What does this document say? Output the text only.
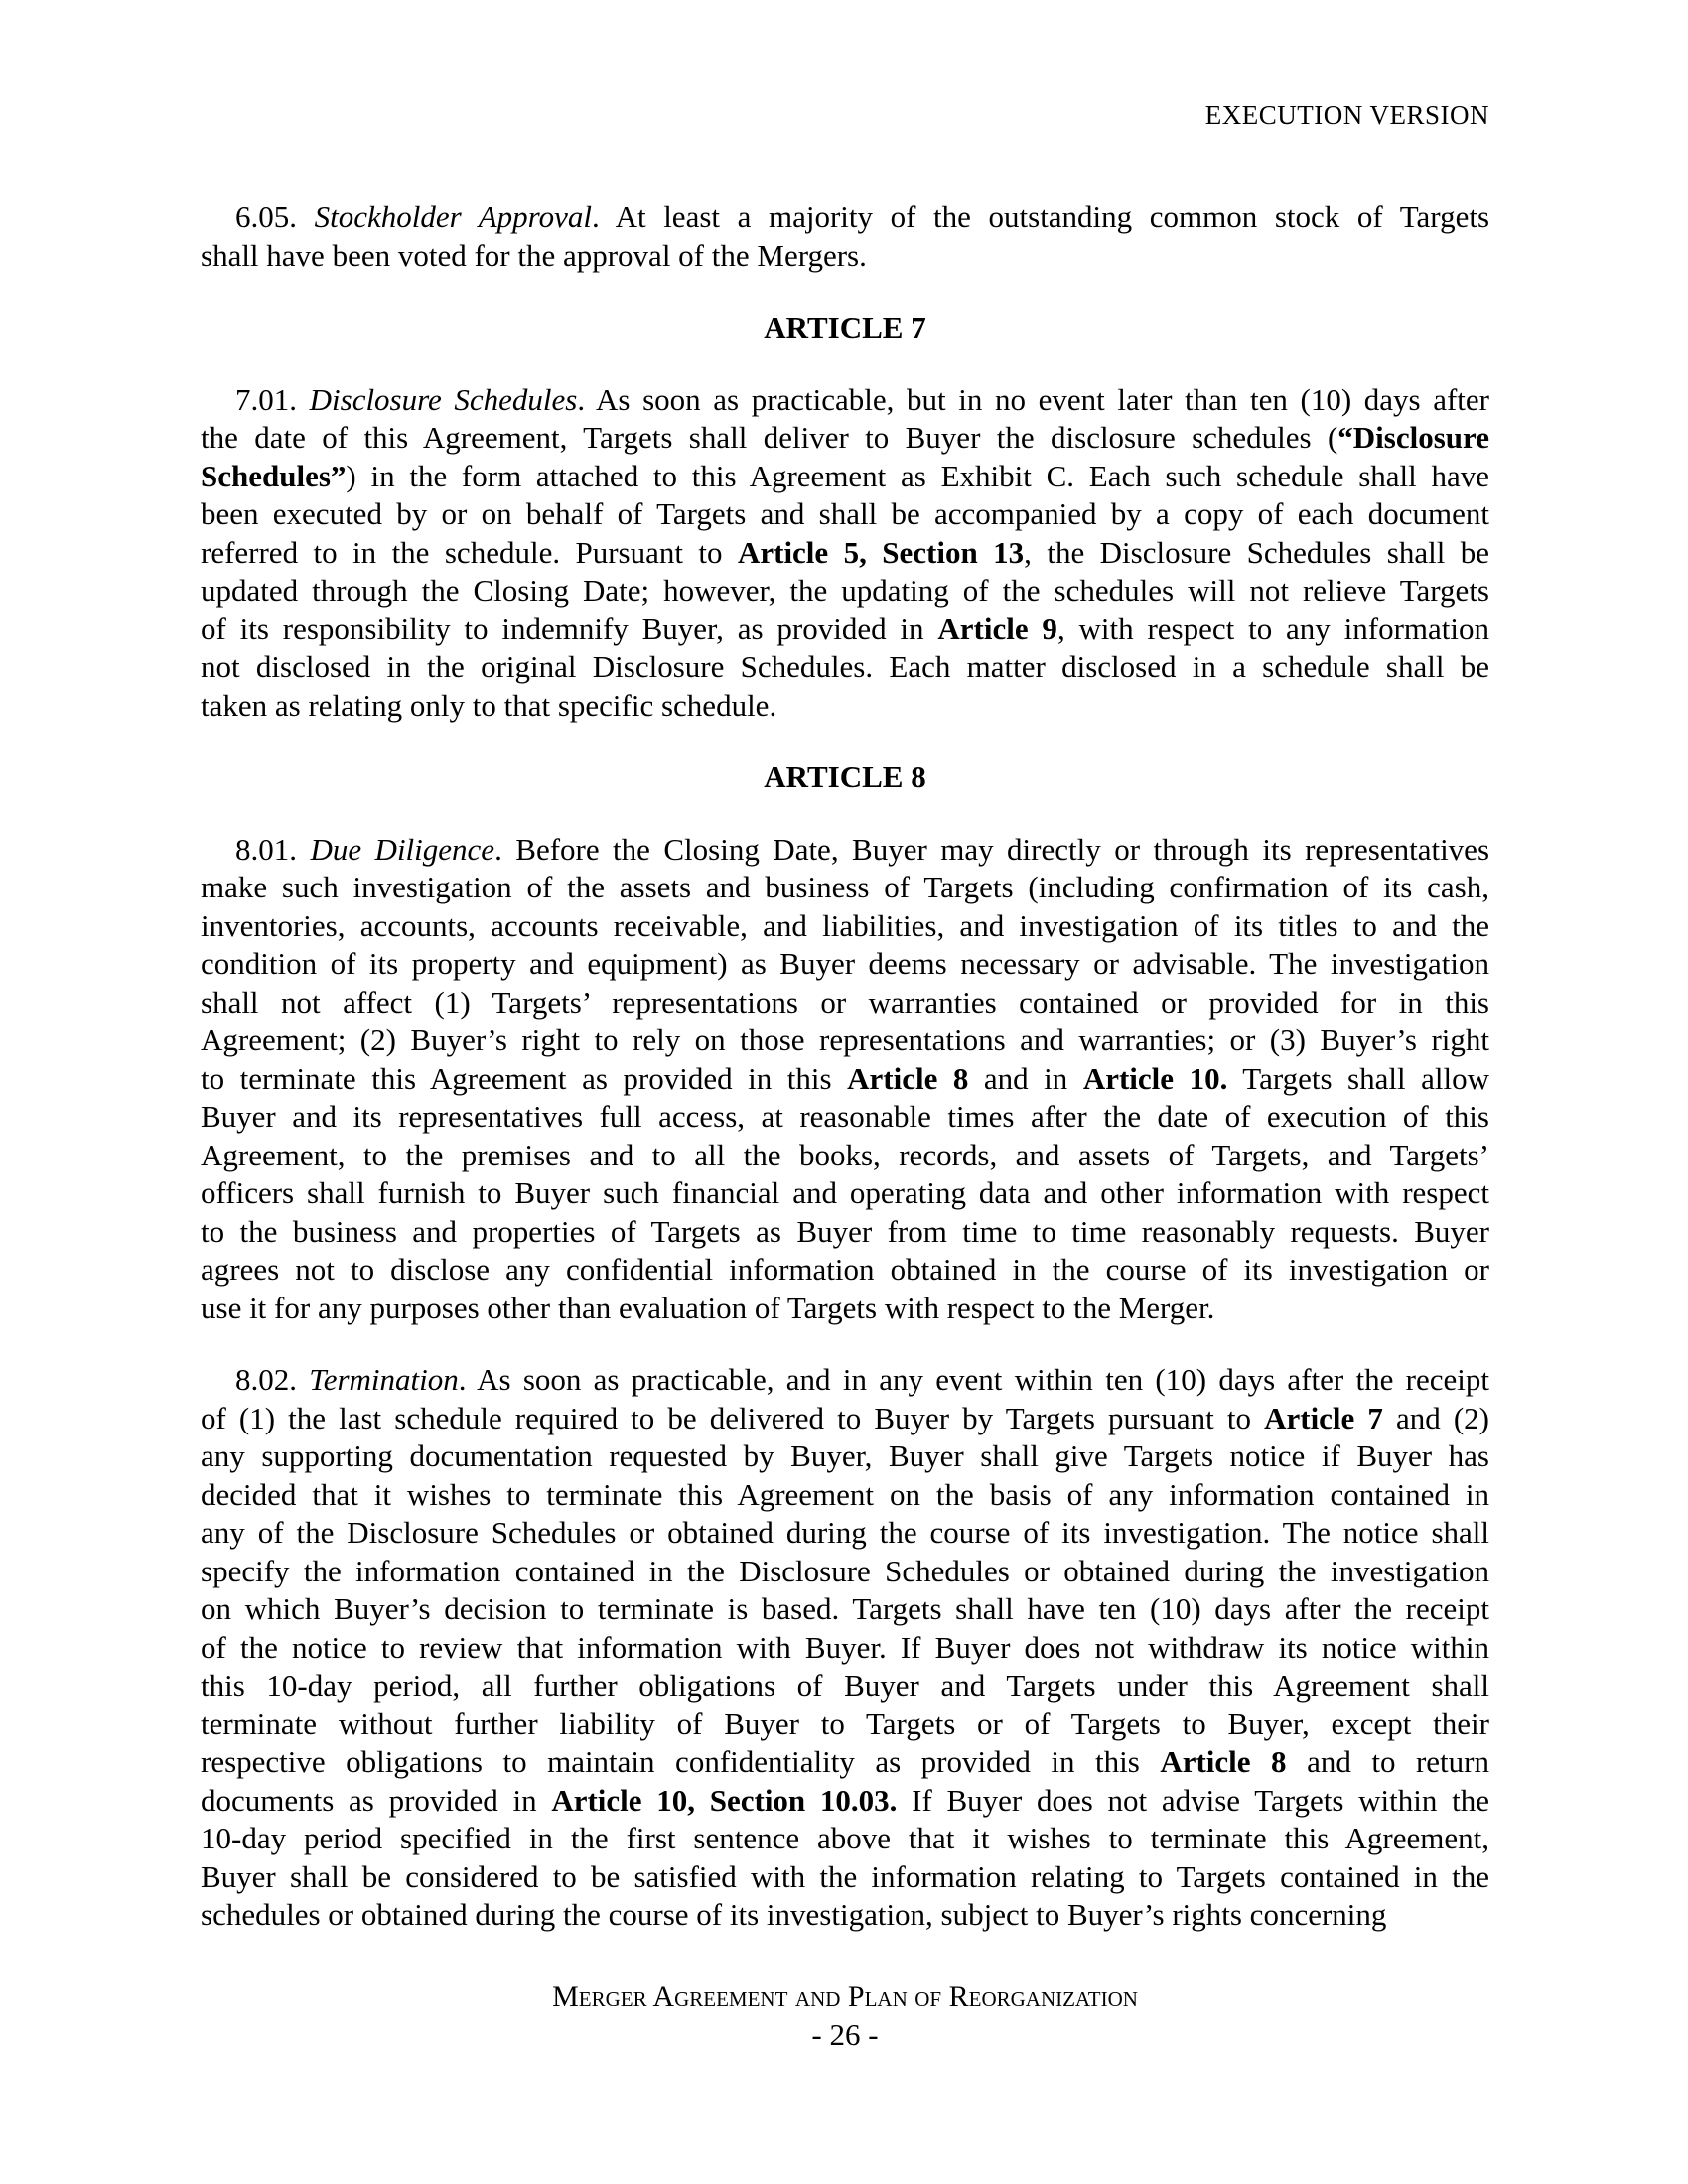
EXECUTION VERSION
6.05. Stockholder Approval. At least a majority of the outstanding common stock of Targets
shall have been voted for the approval of the Mergers.
ARTICLE 7
7.01. Disclosure Schedules. As soon as practicable, but in no event later than ten (10) days after
the date of this Agreement, Targets shall deliver to Buyer the disclosure schedules (“Disclosure
Schedules”) in the form attached to this Agreement as Exhibit C. Each such schedule shall have
been executed by or on behalf of Targets and shall be accompanied by a copy of each document
referred to in the schedule. Pursuant to Article 5, Section 13, the Disclosure Schedules shall be
updated through the Closing Date; however, the updating of the schedules will not relieve Targets
of its responsibility to indemnify Buyer, as provided in Article 9, with respect to any information
not disclosed in the original Disclosure Schedules. Each matter disclosed in a schedule shall be
taken as relating only to that specific schedule.
ARTICLE 8
8.01. Due Diligence. Before the Closing Date, Buyer may directly or through its representatives
make such investigation of the assets and business of Targets (including confirmation of its cash,
inventories, accounts, accounts receivable, and liabilities, and investigation of its titles to and the
condition of its property and equipment) as Buyer deems necessary or advisable. The investigation
shall not affect (1) Targets’ representations or warranties contained or provided for in this
Agreement; (2) Buyer’s right to rely on those representations and warranties; or (3) Buyer’s right
to terminate this Agreement as provided in this Article 8 and in Article 10. Targets shall allow
Buyer and its representatives full access, at reasonable times after the date of execution of this
Agreement, to the premises and to all the books, records, and assets of Targets, and Targets’
officers shall furnish to Buyer such financial and operating data and other information with respect
to the business and properties of Targets as Buyer from time to time reasonably requests. Buyer
agrees not to disclose any confidential information obtained in the course of its investigation or
use it for any purposes other than evaluation of Targets with respect to the Merger.
8.02. Termination. As soon as practicable, and in any event within ten (10) days after the receipt
of (1) the last schedule required to be delivered to Buyer by Targets pursuant to Article 7 and (2)
any supporting documentation requested by Buyer, Buyer shall give Targets notice if Buyer has
decided that it wishes to terminate this Agreement on the basis of any information contained in
any of the Disclosure Schedules or obtained during the course of its investigation. The notice shall
specify the information contained in the Disclosure Schedules or obtained during the investigation
on which Buyer’s decision to terminate is based. Targets shall have ten (10) days after the receipt
of the notice to review that information with Buyer. If Buyer does not withdraw its notice within
this 10-day period, all further obligations of Buyer and Targets under this Agreement shall
terminate without further liability of Buyer to Targets or of Targets to Buyer, except their
respective obligations to maintain confidentiality as provided in this Article 8 and to return
documents as provided in Article 10, Section 10.03. If Buyer does not advise Targets within the
10-day period specified in the first sentence above that it wishes to terminate this Agreement,
Buyer shall be considered to be satisfied with the information relating to Targets contained in the
schedules or obtained during the course of its investigation, subject to Buyer’s rights concerning
Merger Agreement and Plan of Reorganization
- 26 -
